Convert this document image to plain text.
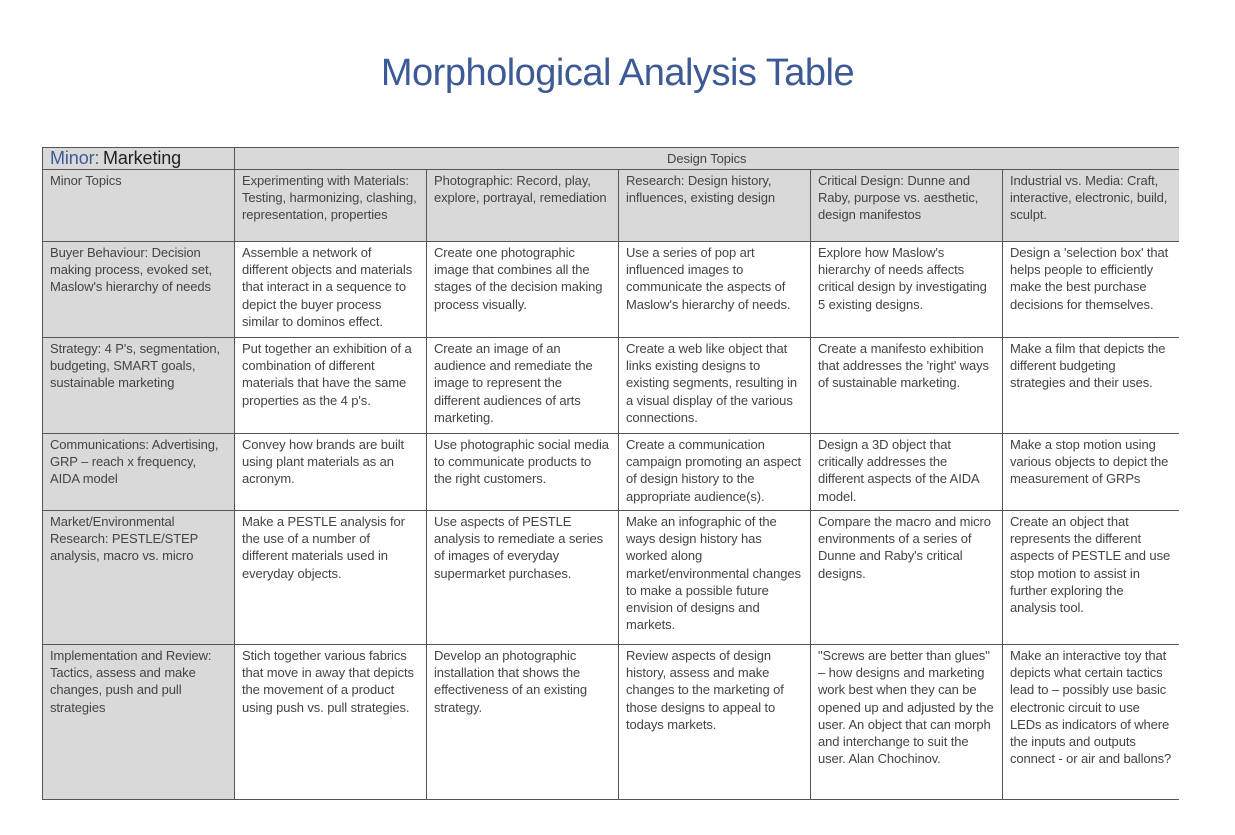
Morphological Analysis Table
Minor: Marketing	Design Topics				
Minor Topics	Experimenting with Materials: Testing, harmonizing, clashing, representation, properties	Photographic: Record, play, explore, portrayal, remediation	Research: Design history, influences, existing design	Critical Design: Dunne and Raby, purpose vs. aesthetic, design manifestos	Industrial vs. Media: Craft, interactive, electronic, build, sculpt.
Buyer Behaviour: Decision making process, evoked set, Maslow's hierarchy of needs	Assemble a network of different objects and materials that interact in a sequence to depict the buyer process similar to dominos effect.	Create one photographic image that combines all the stages of the decision making process visually.	Use a series of pop art influenced images to communicate the aspects of Maslow's hierarchy of needs.	Explore how Maslow's hierarchy of needs affects critical design by investigating 5 existing designs.	Design a 'selection box' that helps people to efficiently make the best purchase decisions for themselves.
Strategy: 4 P's, segmentation, budgeting, SMART goals, sustainable marketing	Put together an exhibition of a combination of different materials that have the same properties as the 4 p's.	Create an image of an audience and remediate the image to represent the different audiences of arts marketing.	Create a web like object that links existing designs to existing segments, resulting in a visual display of the various connections.	Create a manifesto exhibition that addresses the 'right' ways of sustainable marketing.	Make a film that depicts the different budgeting strategies and their uses.
Communications: Advertising, GRP – reach x frequency, AIDA model	Convey how brands are built using plant materials as an acronym.	Use photographic social media to communicate products to the right customers.	Create a communication campaign promoting an aspect of design history to the appropriate audience(s).	Design a 3D object that critically addresses the different aspects of the AIDA model.	Make a stop motion using various objects to depict the measurement of GRPs
Market/Environmental Research: PESTLE/STEP analysis, macro vs. micro	Make a PESTLE analysis for the use of a number of different materials used in everyday objects.	Use aspects of PESTLE analysis to remediate a series of images of everyday supermarket purchases.	Make an infographic of the ways design history has worked along market/environmental changes to make a possible future envision of designs and markets.	Compare the macro and micro environments of a series of Dunne and Raby's critical designs.	Create an object that represents the different aspects of PESTLE and use stop motion to assist in further exploring the analysis tool.
Implementation and Review: Tactics, assess and make changes, push and pull strategies	Stich together various fabrics that move in away that depicts the movement of a product using push vs. pull strategies.	Develop an photographic installation that shows the effectiveness of an existing strategy.	Review aspects of design history, assess and make changes to the marketing of those designs to appeal to todays markets.	"Screws are better than glues" – how designs and marketing work best when they can be opened up and adjusted by the user. An object that can morph and interchange to suit the user. Alan Chochinov.	Make an interactive toy that depicts what certain tactics lead to – possibly use basic electronic circuit to use LEDs as indicators of where the inputs and outputs connect - or air and ballons?
